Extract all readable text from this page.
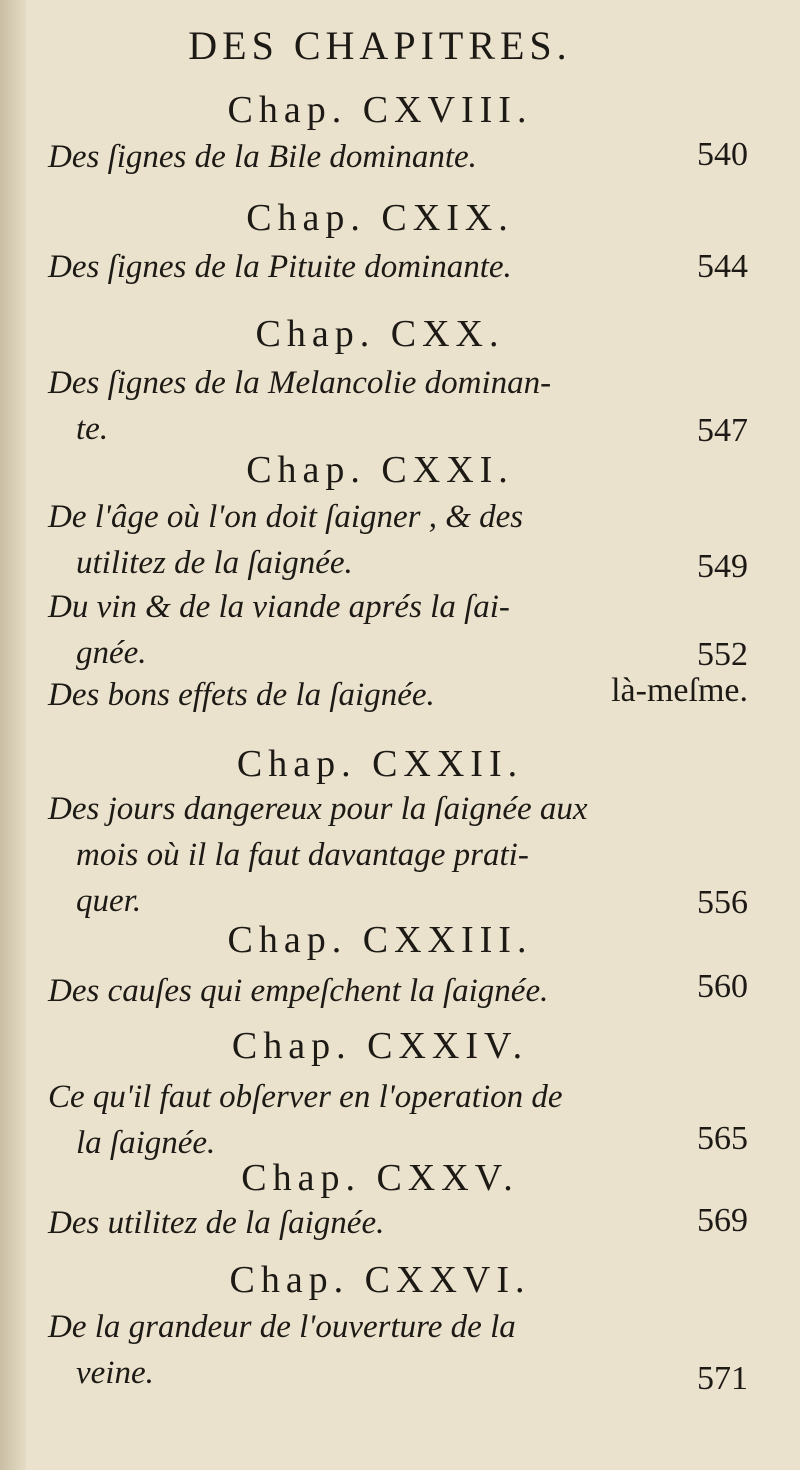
DES CHAPITRES.
Chap. CXVIII.
Des ſignes de la Bile dominante.	540
Chap. CXIX.
Des ſignes de la Pituite dominante.	544
Chap. CXX.
Des ſignes de la Melancolie dominan-
te.	547
Chap. CXXI.
De l'âge où l'on doit ſaigner , & des
utilitez de la ſaignée.	549
Du vin & de la viande aprés la ſai-
gnée.	552
Des bons effets de la ſaignée.	là-meſme.
Chap. CXXII.
Des jours dangereux pour la ſaignée aux
mois où il la faut davantage prati-
quer.	556
Chap. CXXIII.
Des cauſes qui empeſchent la ſaignée.	560
Chap. CXXIV.
Ce qu'il faut obſerver en l'operation de
la ſaignée.	565
Chap. CXXV.
Des utilitez de la ſaignée.	569
Chap. CXXVI.
De la grandeur de l'ouverture de la
veine.	571
